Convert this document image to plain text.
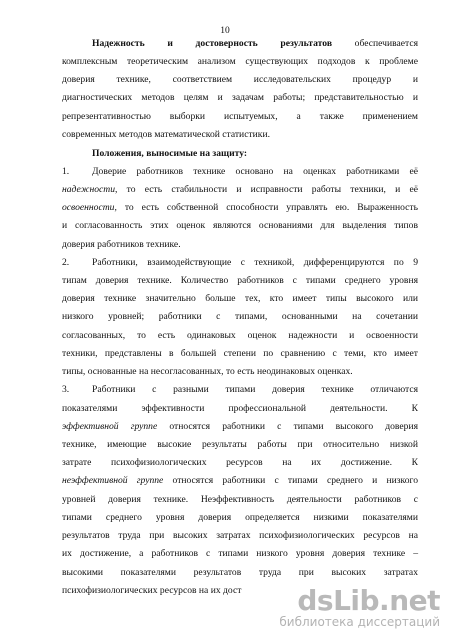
10
Надежность и достоверность результатов обеспечивается
комплексным теоретическим анализом существующих подходов к проблеме
доверия технике, соответствием исследовательских процедур и
диагностических методов целям и задачам работы; представительностью и
репрезентативностью выборки испытуемых, а также применением
современных методов математической статистики.
Положения, выносимые на защиту:
1. Доверие работников технике основано на оценках работниками её
надежности, то есть стабильности и исправности работы техники, и её
освоенности, то есть собственной способности управлять ею. Выраженность
и согласованность этих оценок являются основаниями для выделения типов
доверия работников технике.
2. Работники, взаимодействующие с техникой, дифференцируются по 9
типам доверия технике. Количество работников с типами среднего уровня
доверия технике значительно больше тех, кто имеет типы высокого или
низкого уровней; работники с типами, основанными на сочетании
согласованных, то есть одинаковых оценок надежности и освоенности
техники, представлены в большей степени по сравнению с теми, кто имеет
типы, основанные на несогласованных, то есть неодинаковых оценках.
3. Работники с разными типами доверия технике отличаются
показателями эффективности профессиональной деятельности. К
эффективной группе относятся работники с типами высокого доверия
технике, имеющие высокие результаты работы при относительно низкой
затрате психофизиологических ресурсов на их достижение. К
неэффективной группе относятся работники с типами среднего и низкого
уровней доверия технике. Неэффективность деятельности работников с
типами среднего уровня доверия определяется низкими показателями
результатов труда при высоких затратах психофизиологических ресурсов на
их достижение, а работников с типами низкого уровня доверия технике –
высокими показателями результатов труда при высоких затратах
психофизиологических ресурсов на их дост	dsLib.net
библиотека диссертаций
